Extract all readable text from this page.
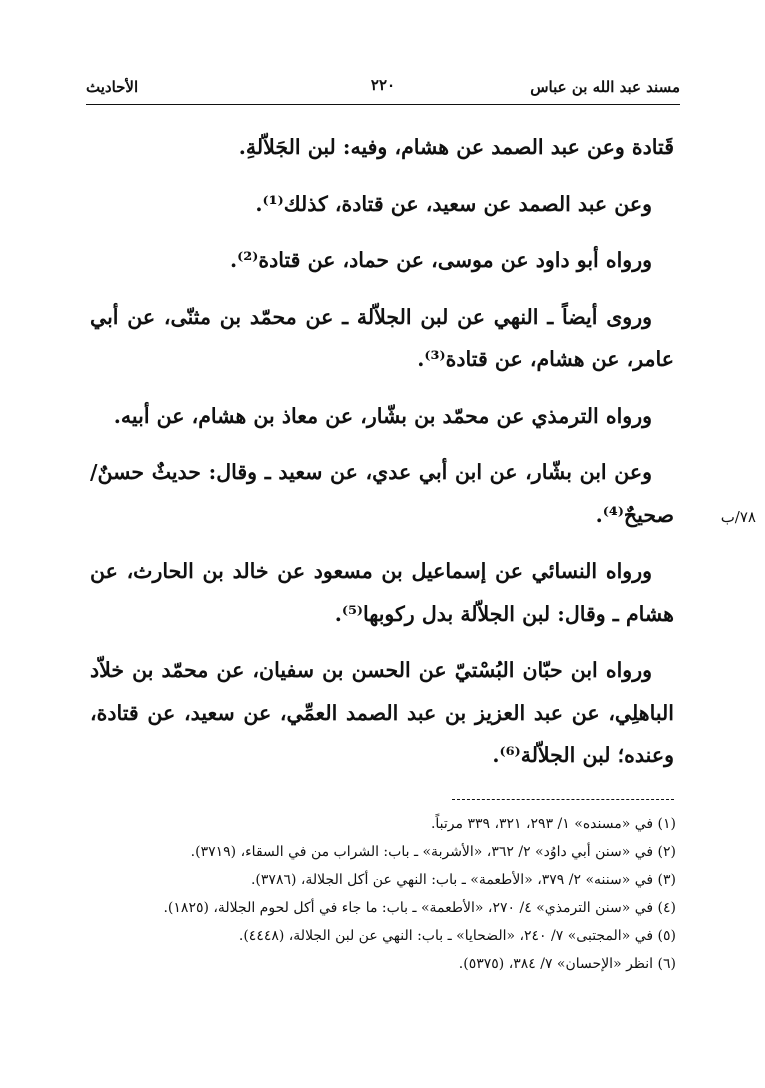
مسند عبد الله بن عباس
٢٢٠
الأحاديث

قَتادة وعن عبد الصمد عن هشام، وفيه: لبن الجَلاّلةِ.

وعن عبد الصمد عن سعيد، عن قتادة، كذلك⁽¹⁾.

ورواه أبو داود عن موسى، عن حماد، عن قتادة⁽²⁾.

وروى أيضاً ـ النهي عن لبن الجلاّلة ـ عن محمّد بن مثنّى، عن أبي عامر، عن هشام، عن قتادة⁽³⁾.

ورواه الترمذي عن محمّد بن بشّار، عن معاذ بن هشام، عن أبيه.

وعن ابن بشّار، عن ابن أبي عدي، عن سعيد ـ وقال: حديثٌ حسنٌ/ صحيحٌ⁽⁴⁾.

ورواه النسائي عن إسماعيل بن مسعود عن خالد بن الحارث، عن هشام ـ وقال: لبن الجلاّلة بدل ركوبها⁽⁵⁾.

ورواه ابن حبّان البُسْتيّ عن الحسن بن سفيان، عن محمّد بن خلاّد الباهلِي، عن عبد العزيز بن عبد الصمد العمِّي، عن سعيد، عن قتادة، وعنده؛ لبن الجلاّلة⁽⁶⁾.

٧٨/ب

(١) في «مسنده» ١/ ٢٩٣، ٣٢١، ٣٣٩ مرتباً.

(٢) في «سنن أبي داوُد» ٢/ ٣٦٢، «الأشربة» ـ باب: الشراب من في السقاء، (٣٧١٩).

(٣) في «سننه» ٢/ ٣٧٩، «الأطعمة» ـ باب: النهي عن أكل الجلالة، (٣٧٨٦).

(٤) في «سنن الترمذي» ٤/ ٢٧٠، «الأطعمة» ـ باب: ما جاء في أكل لحوم الجلالة، (١٨٢٥).

(٥) في «المجتبى» ٧/ ٢٤٠، «الضحايا» ـ باب: النهي عن لبن الجلالة، (٤٤٤٨).

(٦) انظر «الإحسان» ٧/ ٣٨٤، (٥٣٧٥).
